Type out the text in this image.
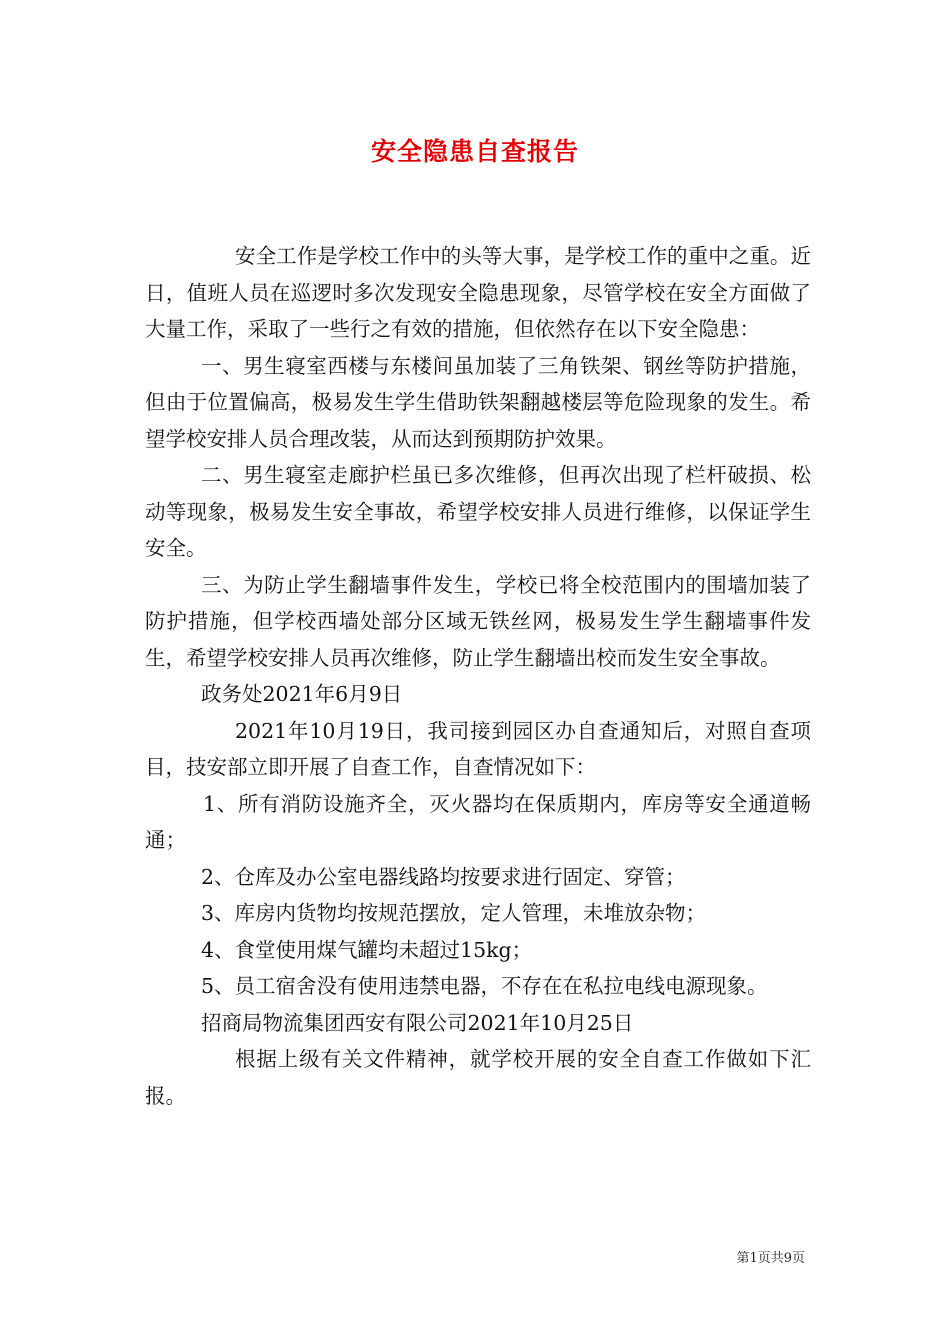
安全隐患自查报告

安全工作是学校工作中的头等大事，是学校工作的重中之重。近日，值班人员在巡逻时多次发现安全隐患现象，尽管学校在安全方面做了大量工作，采取了一些行之有效的措施，但依然存在以下安全隐患：

一、男生寝室西楼与东楼间虽加装了三角铁架、钢丝等防护措施，但由于位置偏高，极易发生学生借助铁架翻越楼层等危险现象的发生。希望学校安排人员合理改装，从而达到预期防护效果。

二、男生寝室走廊护栏虽已多次维修，但再次出现了栏杆破损、松动等现象，极易发生安全事故，希望学校安排人员进行维修，以保证学生安全。

三、为防止学生翻墙事件发生，学校已将全校范围内的围墙加装了防护措施，但学校西墙处部分区域无铁丝网，极易发生学生翻墙事件发生，希望学校安排人员再次维修，防止学生翻墙出校而发生安全事故。

政务处2021年6月9日

2021年10月19日，我司接到园区办自查通知后，对照自查项目，技安部立即开展了自查工作，自查情况如下：

1、所有消防设施齐全，灭火器均在保质期内，库房等安全通道畅通；

2、仓库及办公室电器线路均按要求进行固定、穿管；

3、库房内货物均按规范摆放，定人管理，未堆放杂物；

4、食堂使用煤气罐均未超过15kg；

5、员工宿舍没有使用违禁电器，不存在在私拉电线电源现象。

招商局物流集团西安有限公司2021年10月25日

根据上级有关文件精神，就学校开展的安全自查工作做如下汇报。

第1页共9页
